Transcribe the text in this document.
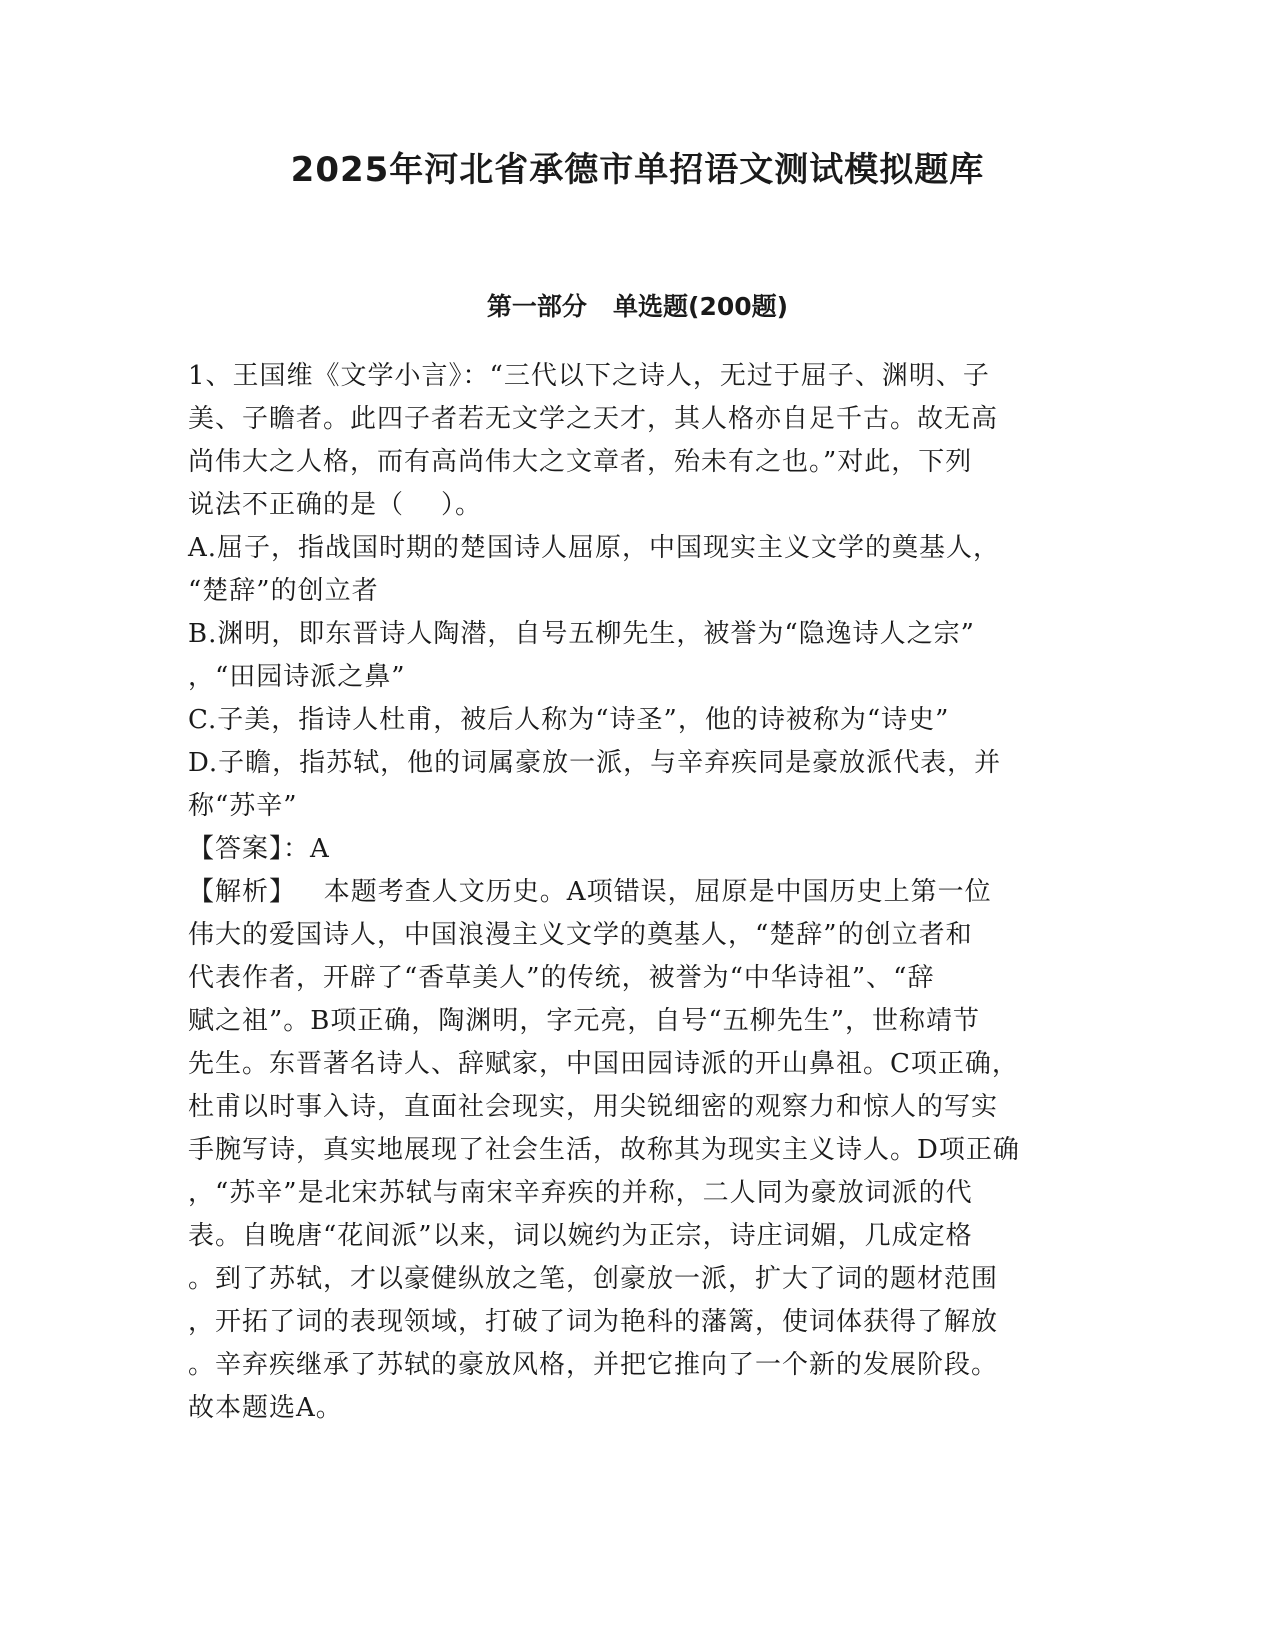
2025年河北省承德市单招语文测试模拟题库
第一部分   单选题(200题)
1、王国维《文学小言》：“三代以下之诗人，无过于屈子、渊明、子
美、子瞻者。此四子者若无文学之天才，其人格亦自足千古。故无高
尚伟大之人格，而有高尚伟大之文章者，殆未有之也。”对此，下列
说法不正确的是（    ）。
A.屈子，指战国时期的楚国诗人屈原，中国现实主义文学的奠基人，
“楚辞”的创立者
B.渊明，即东晋诗人陶潜，自号五柳先生，被誉为“隐逸诗人之宗”
，“田园诗派之鼻”
C.子美，指诗人杜甫，被后人称为“诗圣”，他的诗被称为“诗史”
D.子瞻，指苏轼，他的词属豪放一派，与辛弃疾同是豪放派代表，并
称“苏辛”
【答案】：A
【解析】   本题考查人文历史。A项错误，屈原是中国历史上第一位
伟大的爱国诗人，中国浪漫主义文学的奠基人，“楚辞”的创立者和
代表作者，开辟了“香草美人”的传统，被誉为“中华诗祖”、“辞
赋之祖”。B项正确，陶渊明，字元亮，自号“五柳先生”，世称靖节
先生。东晋著名诗人、辞赋家，中国田园诗派的开山鼻祖。C项正确，
杜甫以时事入诗，直面社会现实，用尖锐细密的观察力和惊人的写实
手腕写诗，真实地展现了社会生活，故称其为现实主义诗人。D项正确
，“苏辛”是北宋苏轼与南宋辛弃疾的并称，二人同为豪放词派的代
表。自晚唐“花间派”以来，词以婉约为正宗，诗庄词媚，几成定格
。到了苏轼，才以豪健纵放之笔，创豪放一派，扩大了词的题材范围
，开拓了词的表现领域，打破了词为艳科的藩篱，使词体获得了解放
。辛弃疾继承了苏轼的豪放风格，并把它推向了一个新的发展阶段。
故本题选A。
